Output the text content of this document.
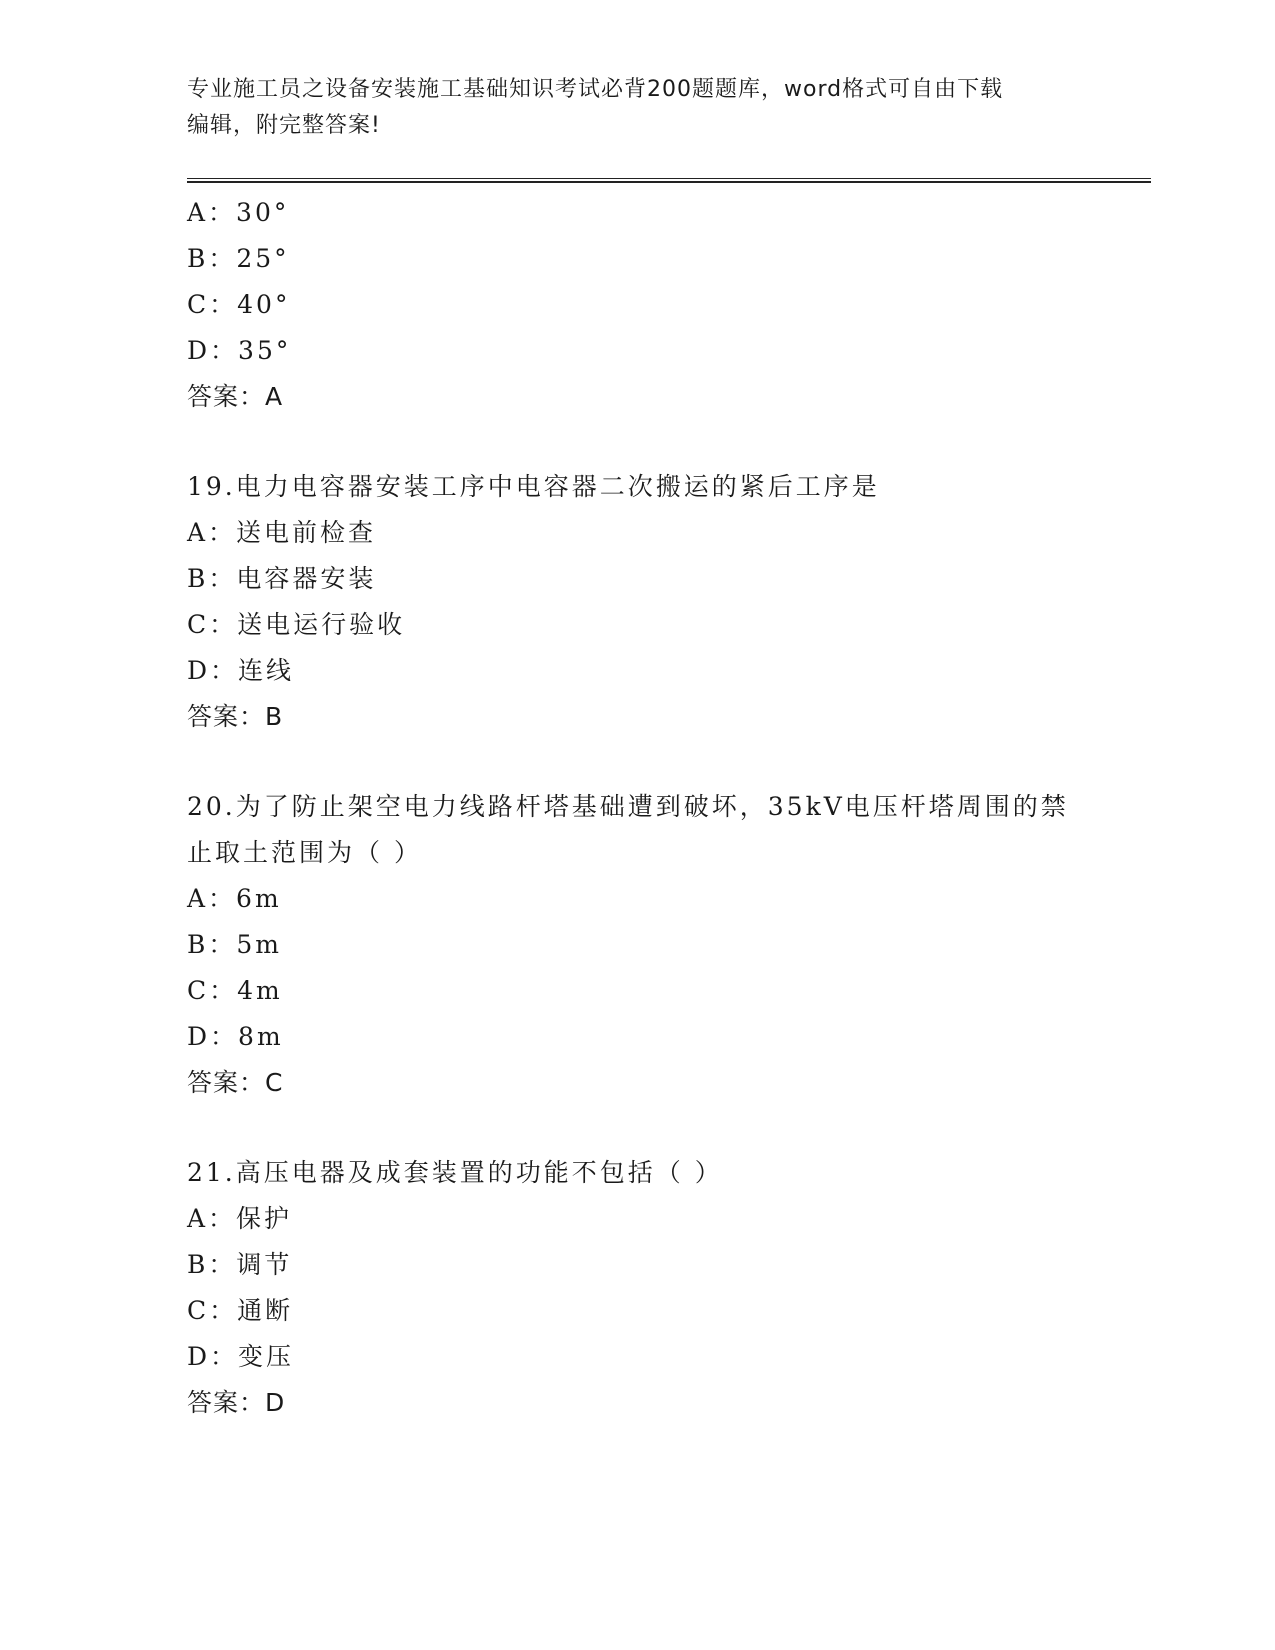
专业施工员之设备安装施工基础知识考试必背200题题库，word格式可自由下载
编辑，附完整答案!
A：30°
B：25°
C：40°
D：35°
答案：A
19.电力电容器安装工序中电容器二次搬运的紧后工序是
A：送电前检查
B：电容器安装
C：送电运行验收
D：连线
答案：B
20.为了防止架空电力线路杆塔基础遭到破坏，35kV电压杆塔周围的禁
止取土范围为（ ）
A：6m
B：5m
C：4m
D：8m
答案：C
21.高压电器及成套装置的功能不包括（ ）
A：保护
B：调节
C：通断
D：变压
答案：D
